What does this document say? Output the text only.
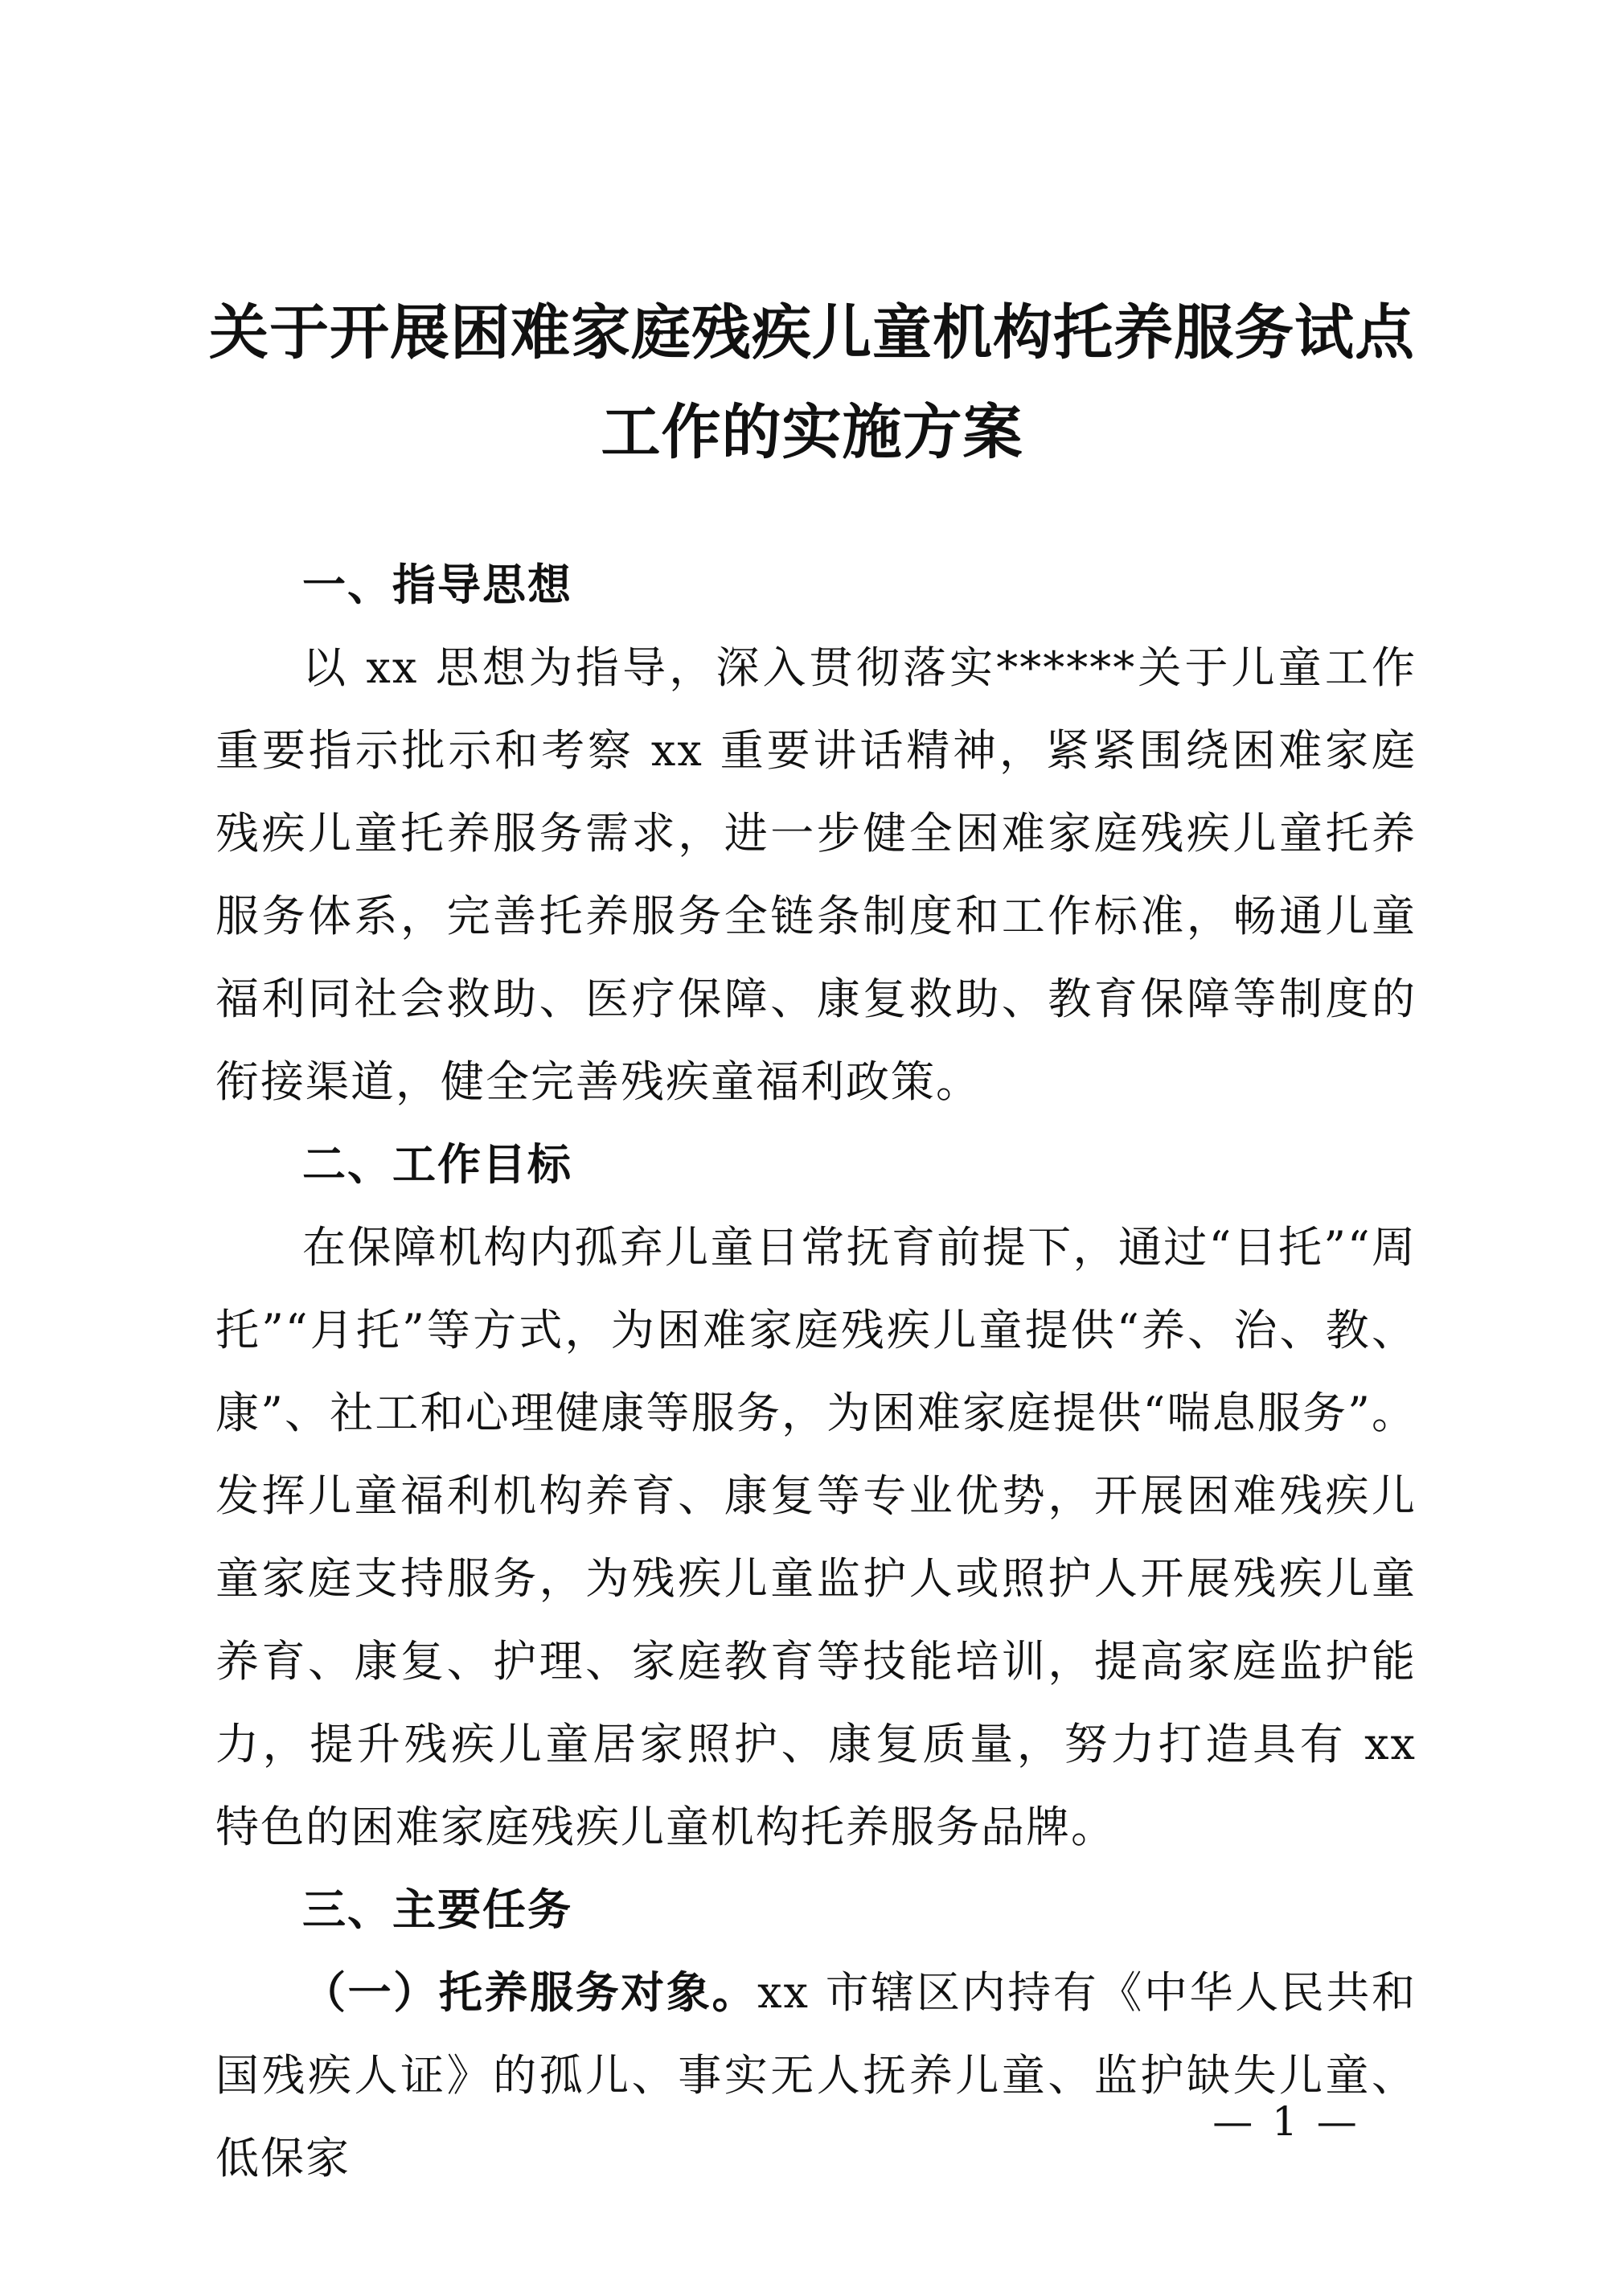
关于开展困难家庭残疾儿童机构托养服务试点
工作的实施方案

一、指导思想

以 xx 思想为指导，深入贯彻落实******关于儿童工作重要指示批示和考察 xx 重要讲话精神，紧紧围绕困难家庭残疾儿童托养服务需求，进一步健全困难家庭残疾儿童托养服务体系，完善托养服务全链条制度和工作标准，畅通儿童福利同社会救助、医疗保障、康复救助、教育保障等制度的衔接渠道，健全完善残疾童福利政策。

二、工作目标

在保障机构内孤弃儿童日常抚育前提下，通过“日托”“周托”“月托”等方式，为困难家庭残疾儿童提供“养、治、教、康”、社工和心理健康等服务，为困难家庭提供“喘息服务”。发挥儿童福利机构养育、康复等专业优势，开展困难残疾儿童家庭支持服务，为残疾儿童监护人或照护人开展残疾儿童养育、康复、护理、家庭教育等技能培训，提高家庭监护能力，提升残疾儿童居家照护、康复质量，努力打造具有 xx 特色的困难家庭残疾儿童机构托养服务品牌。

三、主要任务

（一）托养服务对象。xx 市辖区内持有《中华人民共和国残疾人证》的孤儿、事实无人抚养儿童、监护缺失儿童、低保家

— 1 —
